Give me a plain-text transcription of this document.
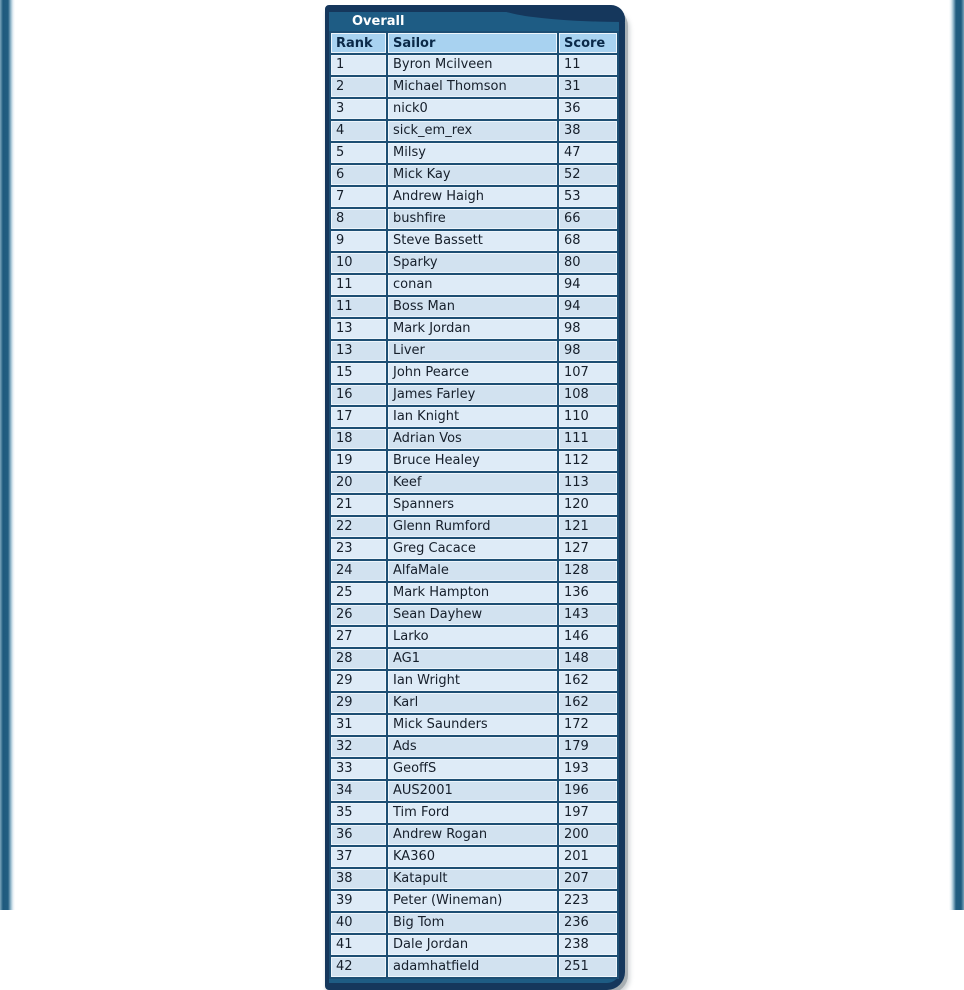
Overall
Rank	Sailor	Score
1	Byron Mcilveen	11
2	Michael Thomson	31
3	nick0	36
4	sick_em_rex	38
5	Milsy	47
6	Mick Kay	52
7	Andrew Haigh	53
8	bushfire	66
9	Steve Bassett	68
10	Sparky	80
11	conan	94
11	Boss Man	94
13	Mark Jordan	98
13	Liver	98
15	John Pearce	107
16	James Farley	108
17	Ian Knight	110
18	Adrian Vos	111
19	Bruce Healey	112
20	Keef	113
21	Spanners	120
22	Glenn Rumford	121
23	Greg Cacace	127
24	AlfaMale	128
25	Mark Hampton	136
26	Sean Dayhew	143
27	Larko	146
28	AG1	148
29	Ian Wright	162
29	Karl	162
31	Mick Saunders	172
32	Ads	179
33	GeoffS	193
34	AUS2001	196
35	Tim Ford	197
36	Andrew Rogan	200
37	KA360	201
38	Katapult	207
39	Peter (Wineman)	223
40	Big Tom	236
41	Dale Jordan	238
42	adamhatfield	251
